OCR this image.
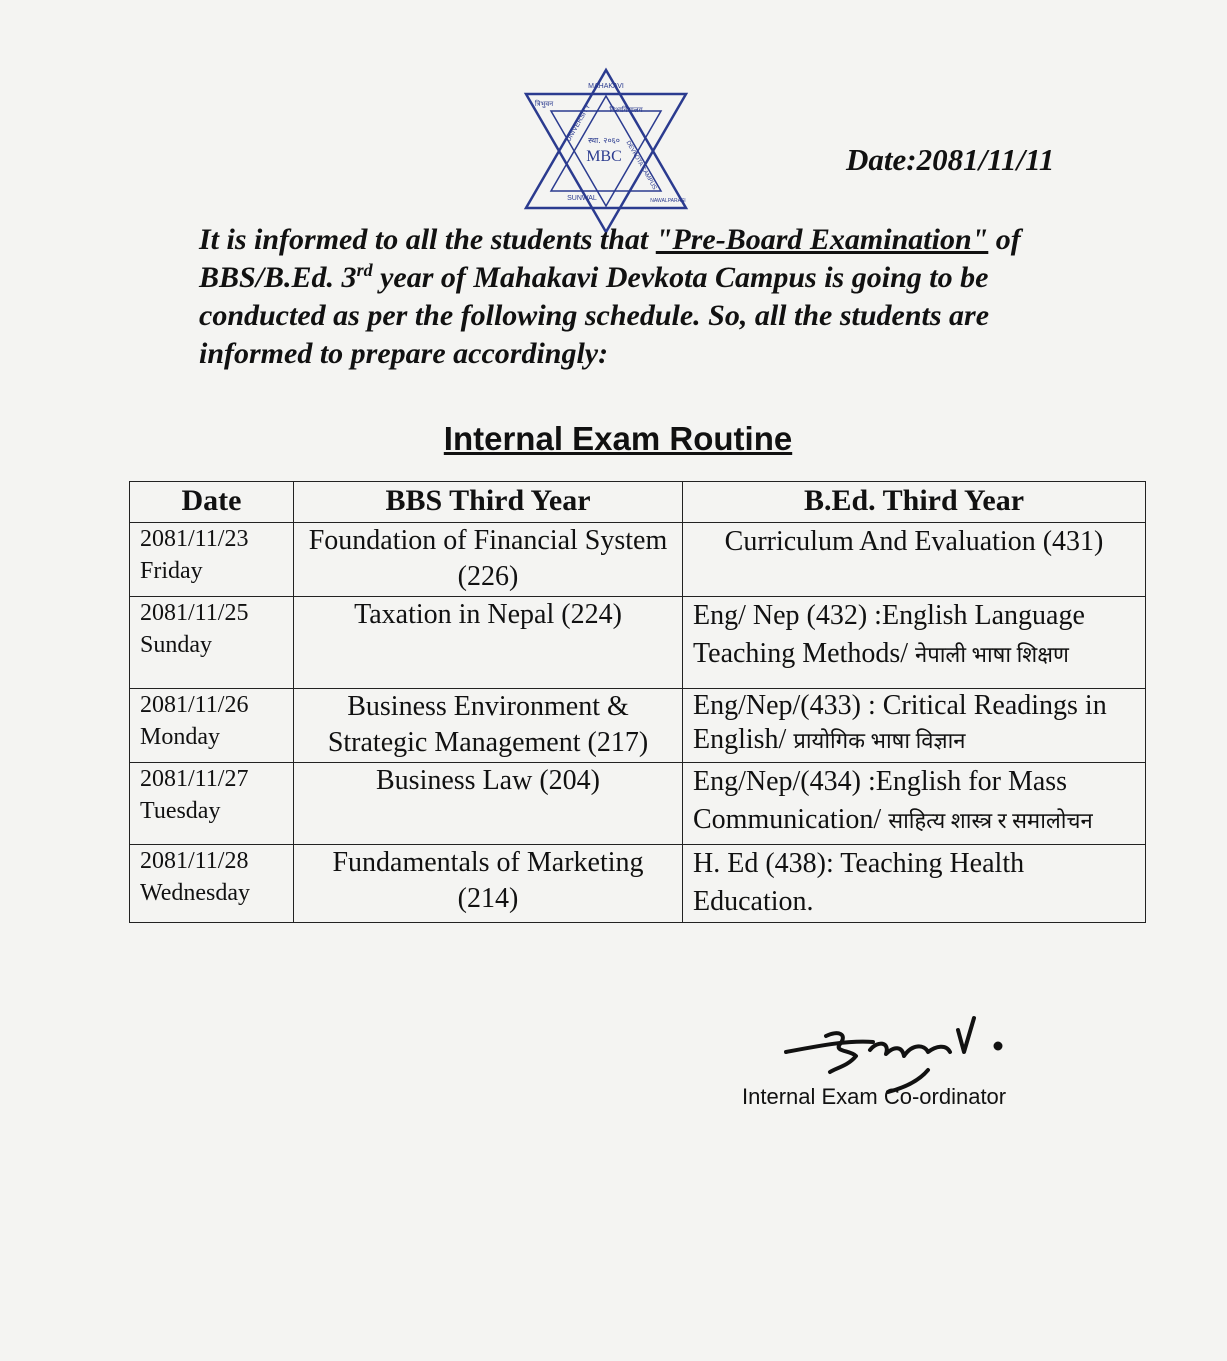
MBC
स्था. २०६०
MAHAKAVI
UNIVERSITY
त्रिभुवन
विश्वविद्यालय
DEVKOTA CAMPUS
SUNWAL	NAWALPARASI
Date:2081/11/11
It is informed to all the students that "Pre-Board Examination" of BBS/B.Ed. 3rd year of Mahakavi Devkota Campus is going to be conducted as per the following schedule. So, all the students are informed to prepare accordingly:
Internal Exam Routine
Date	BBS Third Year	B.Ed. Third Year

2081/11/23
Friday	Foundation of Financial System (226)	Curriculum And Evaluation (431)

2081/11/25
Sunday	Taxation in Nepal (224)	Eng/ Nep (432) :English Language Teaching Methods/ नेपाली भाषा शिक्षण

2081/11/26
Monday	Business Environment & Strategic Management (217)	Eng/Nep/(433) : Critical Readings in English/ प्रायोगिक भाषा विज्ञान

2081/11/27
Tuesday	Business Law (204)	Eng/Nep/(434) :English for Mass Communication/ साहित्य शास्त्र र समालोचन

2081/11/28
Wednesday	Fundamentals of Marketing (214)	H. Ed (438): Teaching Health Education.
Internal Exam Co-ordinator
